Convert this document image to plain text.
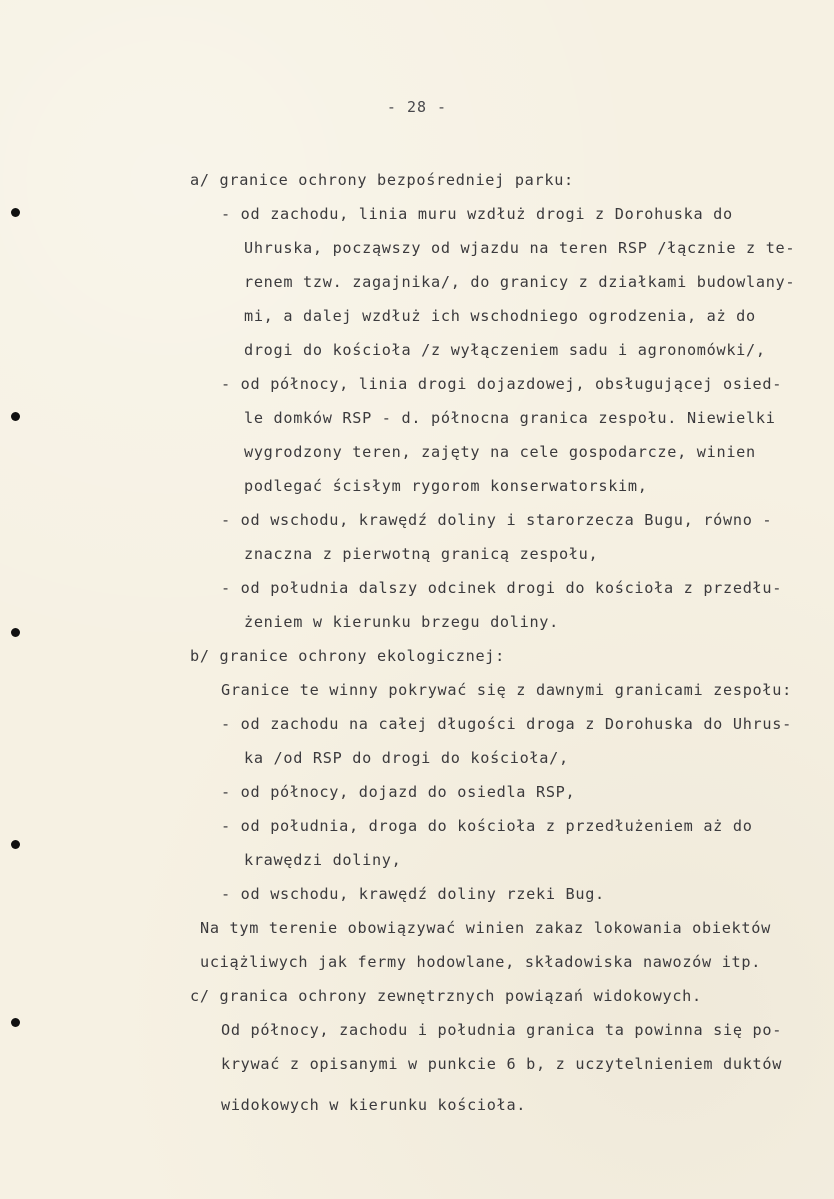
- 28 -
a/ granice ochrony bezpośredniej parku:
- od zachodu, linia muru wzdłuż drogi z Dorohuska do
Uhruska, począwszy od wjazdu na teren RSP /łącznie z te-
renem tzw. zagajnika/, do granicy z działkami budowlany-
mi, a dalej wzdłuż ich wschodniego ogrodzenia, aż do
drogi do kościoła /z wyłączeniem sadu i agronomówki/,
- od północy, linia drogi dojazdowej, obsługującej osied-
le domków RSP - d. północna granica zespołu. Niewielki
wygrodzony teren, zajęty na cele gospodarcze, winien
podlegać ścisłym rygorom konserwatorskim,
- od wschodu, krawędź doliny i starorzecza Bugu, równo -
znaczna z pierwotną granicą zespołu,
- od południa dalszy odcinek drogi do kościoła z przedłu-
żeniem w kierunku brzegu doliny.
b/ granice ochrony ekologicznej:
Granice te winny pokrywać się z dawnymi granicami zespołu:
- od zachodu na całej długości droga z Dorohuska do Uhrus-
ka /od RSP do drogi do kościoła/,
- od północy, dojazd do osiedla RSP,
- od południa, droga do kościoła z przedłużeniem aż do
krawędzi doliny,
- od wschodu, krawędź doliny rzeki Bug.
Na tym terenie obowiązywać winien zakaz lokowania obiektów
uciążliwych jak fermy hodowlane, składowiska nawozów itp.
c/ granica ochrony zewnętrznych powiązań widokowych.
Od północy, zachodu i południa granica ta powinna się po-
krywać z opisanymi w punkcie 6 b, z uczytelnieniem duktów
widokowych w kierunku kościoła.
